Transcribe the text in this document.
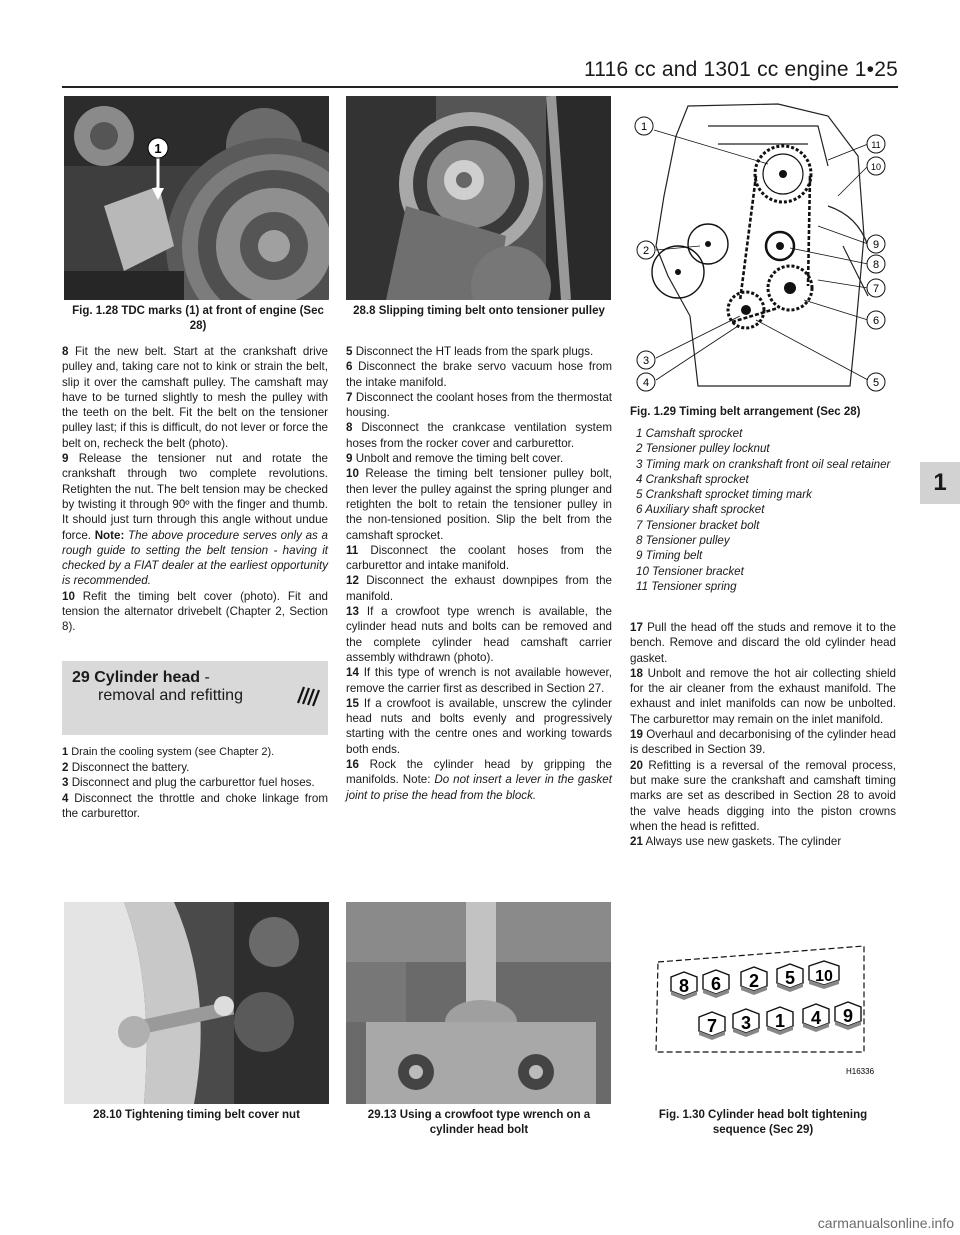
1116 cc and 1301 cc engine 1•25
1
1
Fig. 1.28 TDC marks (1) at front of engine (Sec 28)
28.8 Slipping timing belt onto tensioner pulley
1
2
3
4	5
6
7
8
9
10
11
Fig. 1.29 Timing belt arrangement (Sec 28)
1 Camshaft sprocket
2 Tensioner pulley locknut
3 Timing mark on crankshaft front oil seal retainer
4 Crankshaft sprocket
5 Crankshaft sprocket timing mark
6 Auxiliary shaft sprocket
7 Tensioner bracket bolt
8 Tensioner pulley
9 Timing belt
10 Tensioner bracket
11 Tensioner spring

8 Fit the new belt. Start at the crankshaft drive pulley and, taking care not to kink or strain the belt, slip it over the camshaft pulley. The camshaft may have to be turned slightly to mesh the pulley with the teeth on the belt. Fit the belt on the tensioner pulley last; if this is difficult, do not lever or force the belt on, recheck the belt (photo).

9 Release the tensioner nut and rotate the crankshaft through two complete revolutions. Retighten the nut. The belt tension may be checked by twisting it through 90º with the finger and thumb. It should just turn through this angle without undue force. Note: The above procedure serves only as a rough guide to setting the belt tension - having it checked by a FIAT dealer at the earliest opportunity is recommended.

10 Refit the timing belt cover (photo). Fit and tension the alternator drivebelt (Chapter 2, Section 8).

29 Cylinder head -
removal and refitting

1 Drain the cooling system (see Chapter 2).

2 Disconnect the battery.

3 Disconnect and plug the carburettor fuel hoses.

4 Disconnect the throttle and choke linkage from the carburettor.

5 Disconnect the HT leads from the spark plugs.

6 Disconnect the brake servo vacuum hose from the intake manifold.

7 Disconnect the coolant hoses from the thermostat housing.

8 Disconnect the crankcase ventilation system hoses from the rocker cover and carburettor.

9 Unbolt and remove the timing belt cover.

10 Release the timing belt tensioner pulley bolt, then lever the pulley against the spring plunger and retighten the bolt to retain the tensioner pulley in the non-tensioned position. Slip the belt from the camshaft sprocket.

11 Disconnect the coolant hoses from the carburettor and intake manifold.

12 Disconnect the exhaust downpipes from the manifold.

13 If a crowfoot type wrench is available, the cylinder head nuts and bolts can be removed and the complete cylinder head camshaft carrier assembly withdrawn (photo).

14 If this type of wrench is not available however, remove the carrier first as described in Section 27.

15 If a crowfoot is available, unscrew the cylinder head nuts and bolts evenly and progressively starting with the centre ones and working towards both ends.

16 Rock the cylinder head by gripping the manifolds. Note: Do not insert a lever in the gasket joint to prise the head from the block.

17 Pull the head off the studs and remove it to the bench. Remove and discard the old cylinder head gasket.

18 Unbolt and remove the hot air collecting shield for the air cleaner from the exhaust manifold. The exhaust and inlet manifolds can now be unbolted. The carburettor may remain on the inlet manifold.

19 Overhaul and decarbonising of the cylinder head is described in Section 39.

20 Refitting is a reversal of the removal process, but make sure the crankshaft and camshaft timing marks are set as described in Section 28 to avoid the valve heads digging into the piston crowns when the head is refitted.

21 Always use new gaskets. The cylinder

28.10 Tightening timing belt cover nut	29.13 Using a crowfoot type wrench on a cylinder head bolt
8 6 2 5 10
7 3 1 4 9
H16336
Fig. 1.30 Cylinder head bolt tightening sequence (Sec 29)
carmanualsonline.info
